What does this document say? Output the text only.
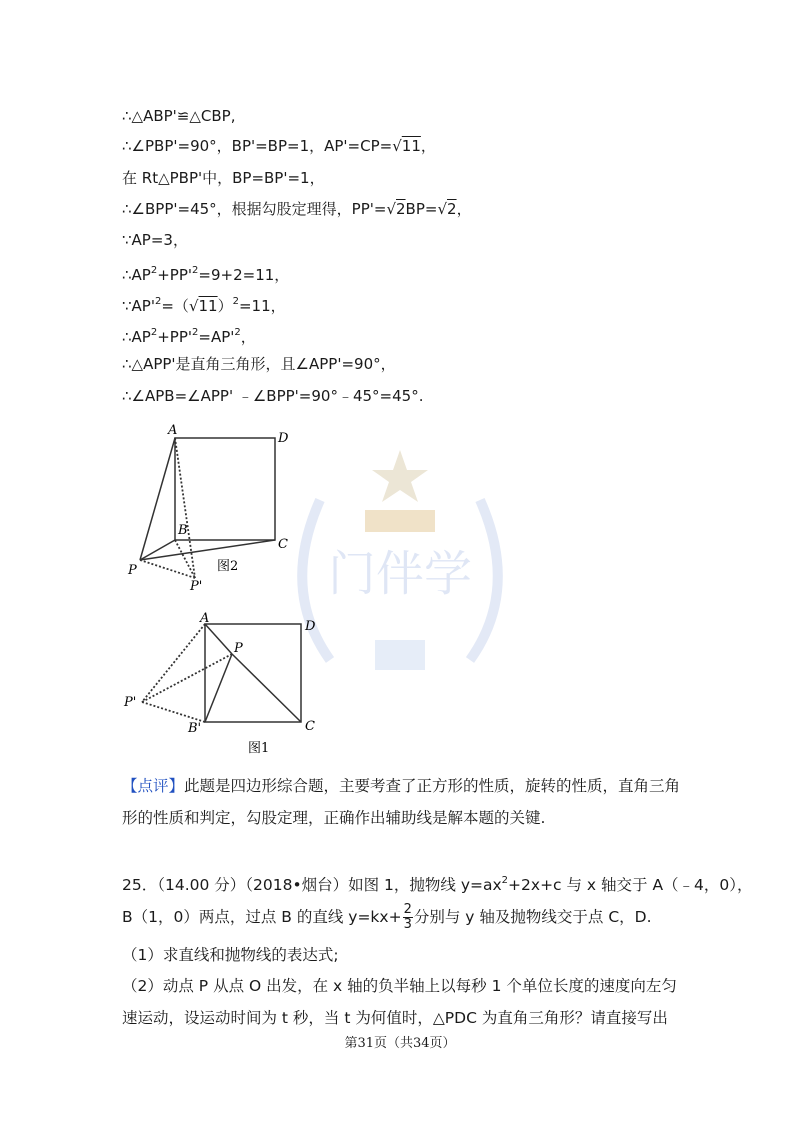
门伴学
∴△ABP'≌△CBP,
∴∠PBP'=90°，BP'=BP=1，AP'=CP=√11，
在 Rt△PBP'中，BP=BP'=1，
∴∠BPP'=45°，根据勾股定理得，PP'=√2BP=√2，
∵AP=3，
$\therefore AP^2+PP'^2=9+2=11$，
$\because AP'^2=(√11)^2=11$，
$\therefore AP^2+PP'^2=AP'^2$，
∴△APP'是直角三角形，且∠APP'=90°，
∴∠APB=∠APP' ﹣∠BPP'=90°﹣45°=45°.
A
D
B
C
P
P'
图2
A
D
P
P'
B'	C
图1
【点评】此题是四边形综合题，主要考查了正方形的性质，旋转的性质，直角三角形的性质和判定，勾股定理，正确作出辅助线是解本题的关键.
25．（14.00 分）（2018•烟台）如图 1，抛物线 $y=ax^2+2x+c$ 与 x 轴交于 A（﹣4，0），
B（1，0）两点，过点 B 的直线 $y=kx+ \frac{2}{3}$ 分别与 y 轴及抛物线交于点 C，D.
（1）求直线和抛物线的表达式;
（2）动点 P 从点 O 出发，在 x 轴的负半轴上以每秒 1 个单位长度的速度向左匀速运动，设运动时间为 t 秒，当 t 为何值时，△PDC 为直角三角形？请直接写出
第31页（共34页）
